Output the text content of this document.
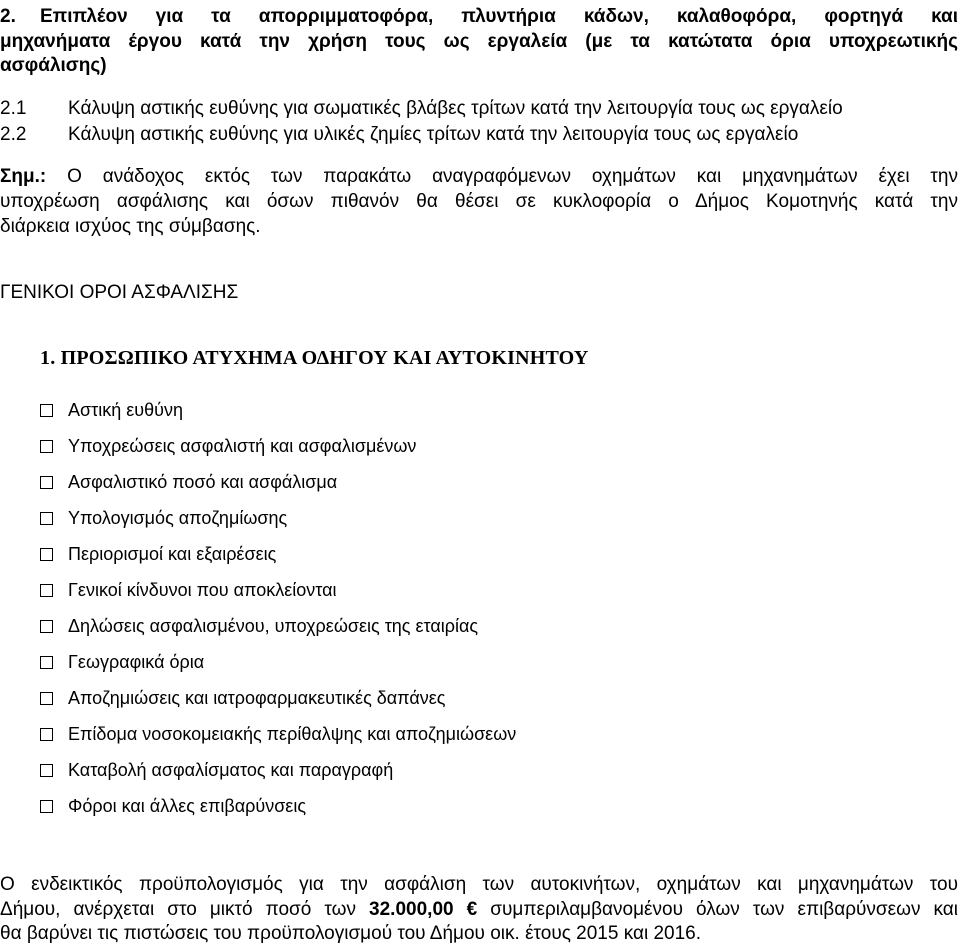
2. Επιπλέον για τα απορριμματοφόρα, πλυντήρια κάδων, καλαθοφόρα, φορτηγά και
μηχανήματα έργου κατά την χρήση τους ως εργαλεία (με τα κατώτατα όρια υποχρεωτικής
ασφάλισης)
2.1 Κάλυψη αστικής ευθύνης για σωματικές βλάβες τρίτων κατά την λειτουργία τους ως εργαλείο
2.2 Κάλυψη αστικής ευθύνης για υλικές ζημίες τρίτων κατά την λειτουργία τους ως εργαλείο
Σημ.: Ο ανάδοχος εκτός των παρακάτω αναγραφόμενων οχημάτων και μηχανημάτων έχει την
υποχρέωση ασφάλισης και όσων πιθανόν θα θέσει σε κυκλοφορία ο Δήμος Κομοτηνής κατά την
διάρκεια ισχύος της σύμβασης.
ΓΕΝΙΚΟΙ ΟΡΟΙ ΑΣΦΑΛΙΣΗΣ
1. ΠΡΟΣΩΠΙΚΟ ΑΤΥΧΗΜΑ ΟΔΗΓΟΥ ΚΑΙ ΑΥΤΟΚΙΝΗΤΟΥ
Αστική ευθύνη
Υποχρεώσεις ασφαλιστή και ασφαλισμένων
Ασφαλιστικό ποσό και ασφάλισμα
Υπολογισμός αποζημίωσης
Περιορισμοί και εξαιρέσεις
Γενικοί κίνδυνοι που αποκλείονται
Δηλώσεις ασφαλισμένου, υποχρεώσεις της εταιρίας
Γεωγραφικά όρια
Αποζημιώσεις και ιατροφαρμακευτικές δαπάνες
Επίδομα νοσοκομειακής περίθαλψης και αποζημιώσεων
Καταβολή ασφαλίσματος και παραγραφή
Φόροι και άλλες επιβαρύνσεις
Ο ενδεικτικός προϋπολογισμός για την ασφάλιση των αυτοκινήτων, οχημάτων και μηχανημάτων του
Δήμου, ανέρχεται στο μικτό ποσό των 32.000,00 € συμπεριλαμβανομένου όλων των επιβαρύνσεων και
θα βαρύνει τις πιστώσεις του προϋπολογισμού του Δήμου οικ. έτους 2015 και 2016.
